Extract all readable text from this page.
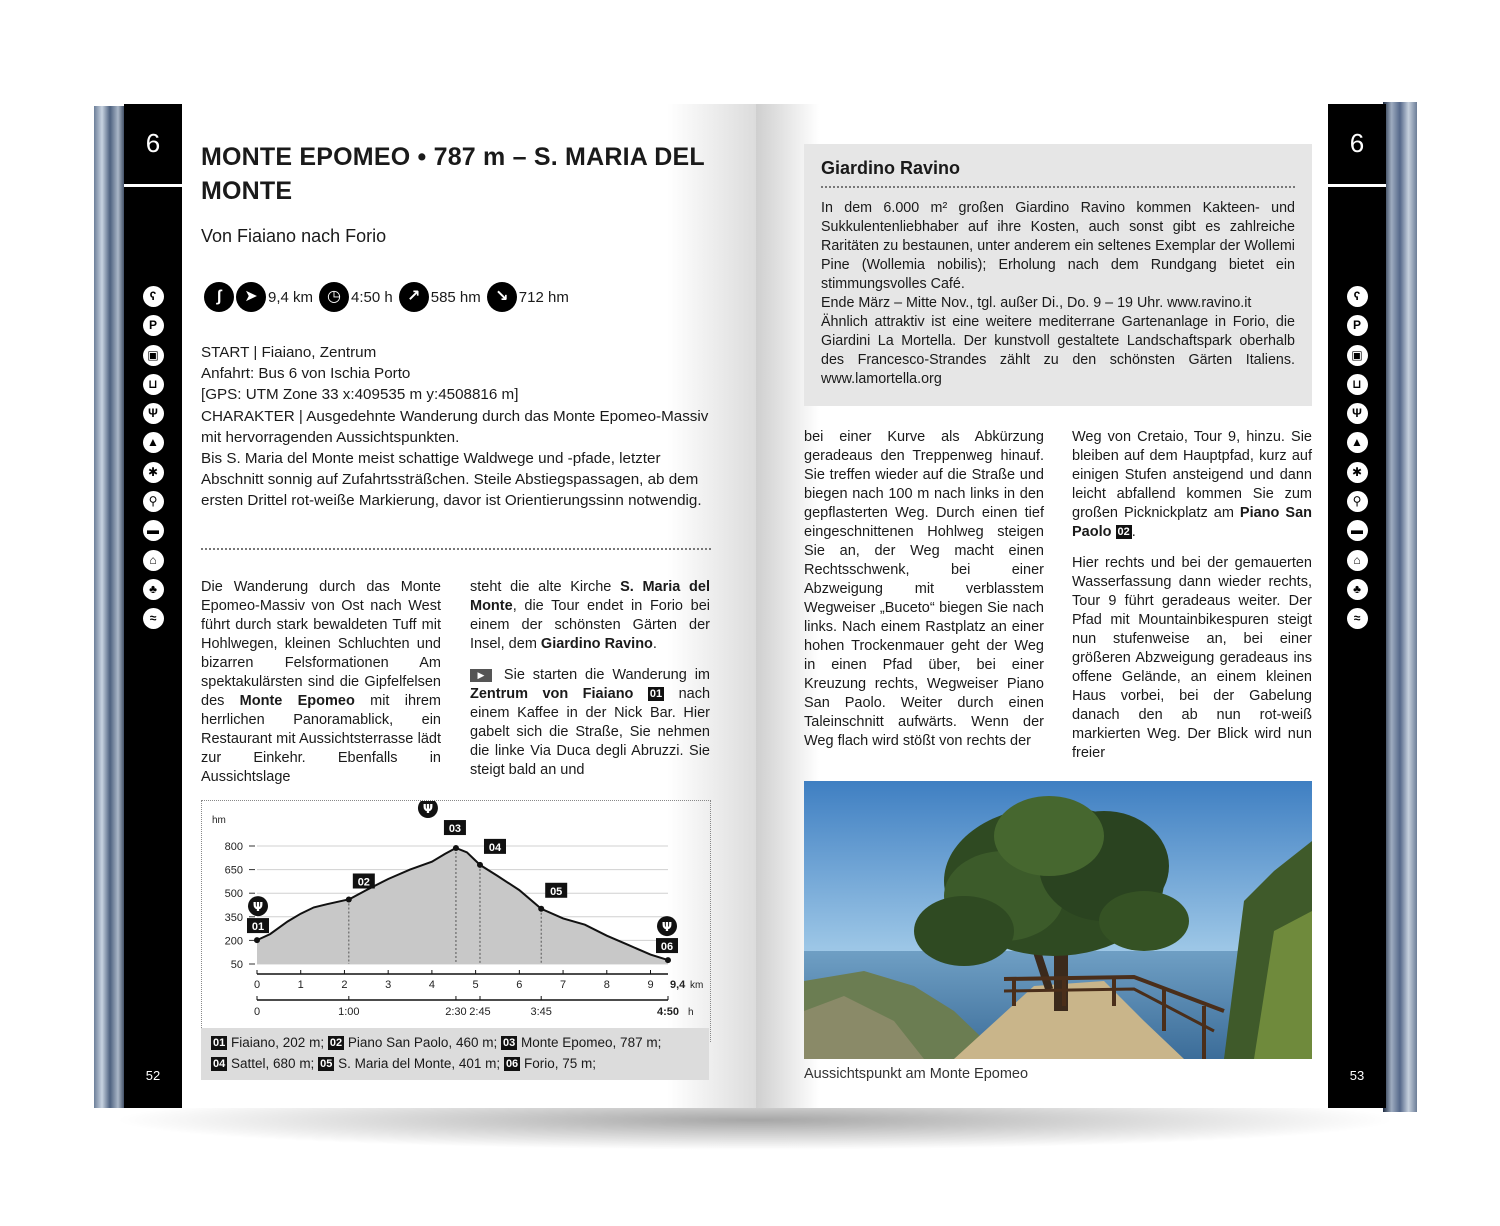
6
ʕ
P
▣
⊔
Ψ
▲
✱
⚲
▬
⌂
♣
≈
52
MONTE EPOMEO • 787 m – S. MARIA DEL MONTE
Von Fiaiano nach Forio
ʃ	➤ 9,4 km ◷ 4:50 h ↗ 585 hm ↘ 712 hm

START | Fiaiano, Zentrum

Anfahrt: Bus 6 von Ischia Porto

[GPS: UTM Zone 33 x:409535 m y:4508816 m]

CHARAKTER | Ausgedehnte Wanderung durch das Monte Epomeo-Massiv mit hervorragenden Aussichtspunkten.

Bis S. Maria del Monte meist schattige Waldwege und -pfade, letzter Abschnitt sonnig auf Zufahrtssträßchen. Steile Abstiegspassagen, ab dem ersten Drittel rot-weiße Markierung, davor ist Orientierungssinn notwendig.

Die Wanderung durch das Monte Epomeo-Massiv von Ost nach West führt durch stark bewaldeten Tuff mit Hohlwegen, kleinen Schluchten und bizarren Felsformationen Am spektakulärsten sind die Gipfelfelsen des Monte Epomeo mit ihrem herrlichen Panoramablick, ein Restaurant mit Aussichtsterrasse lädt zur Einkehr. Ebenfalls in Aussichtslage

steht die alte Kirche S. Maria del Monte, die Tour endet in Forio bei einem der schönsten Gärten der Insel, dem Giardino Ravino.

▶ Sie starten die Wanderung im Zentrum von Fiaiano 01 nach einem Kaffee in der Nick Bar. Hier gabelt sich die Straße, Sie nehmen die linke Via Duca degli Abruzzi. Sie steigt bald an und

50
200
350
500
650
800
hm
01
Ψ
02
03
Ψ
04
05
06
Ψ
0	1	2	3	4	5	6	7	8	9 9,4 km
0	1:00	2:30 2:45	3:45	4:50 h
01 Fiaiano, 202 m; 02 Piano San Paolo, 460 m; 03 Monte Epomeo, 787 m;
04 Sattel, 680 m; 05 S. Maria del Monte, 401 m; 06 Forio, 75 m;
6
ʕ
P
▣
⊔
Ψ
▲
✱
⚲
▬
⌂
♣
≈
53
Giardino Ravino

In dem 6.000 m² großen Giardino Ravino kommen Kakteen- und Sukkulentenliebhaber auf ihre Kosten, auch sonst gibt es zahlreiche Raritäten zu bestaunen, unter anderem ein seltenes Exemplar der Wollemi Pine (Wollemia nobilis); Erholung nach dem Rundgang bietet ein stimmungsvolles Café.

Ende März – Mitte Nov., tgl. außer Di., Do. 9 – 19 Uhr. www.ravino.it

Ähnlich attraktiv ist eine weitere mediterrane Gartenanlage in Forio, die Giardini La Mortella. Der kunstvoll gestaltete Landschaftspark oberhalb des Francesco-Strandes zählt zu den schönsten Gärten Italiens. www.lamortella.org

bei einer Kurve als Abkürzung geradeaus den Treppenweg hinauf. Sie treffen wieder auf die Straße und biegen nach 100 m nach links in den gepflasterten Weg. Durch einen tief eingeschnittenen Hohlweg steigen Sie an, der Weg macht einen Rechtsschwenk, bei einer Abzweigung mit verblasstem Wegweiser „Buceto“ biegen Sie nach links. Nach einem Rastplatz an einer hohen Trockenmauer geht der Weg in einen Pfad über, bei einer Kreuzung rechts, Wegweiser Piano San Paolo. Weiter durch einen Taleinschnitt aufwärts. Wenn der Weg flach wird stößt von rechts der

Weg von Cretaio, Tour 9, hinzu. Sie bleiben auf dem Hauptpfad, kurz auf einigen Stufen ansteigend und dann leicht abfallend kommen Sie zum großen Picknickplatz am Piano San Paolo 02 .

Hier rechts und bei der gemauerten Wasserfassung dann wieder rechts, Tour 9 führt geradeaus weiter. Der Pfad mit Mountainbikespuren steigt nun stufenweise an, bei einer größeren Abzweigung geradeaus ins offene Gelände, an einem kleinen Haus vorbei, bei der Gabelung danach den ab nun rot-weiß markierten Weg. Der Blick wird nun freier

Aussichtspunkt am Monte Epomeo
